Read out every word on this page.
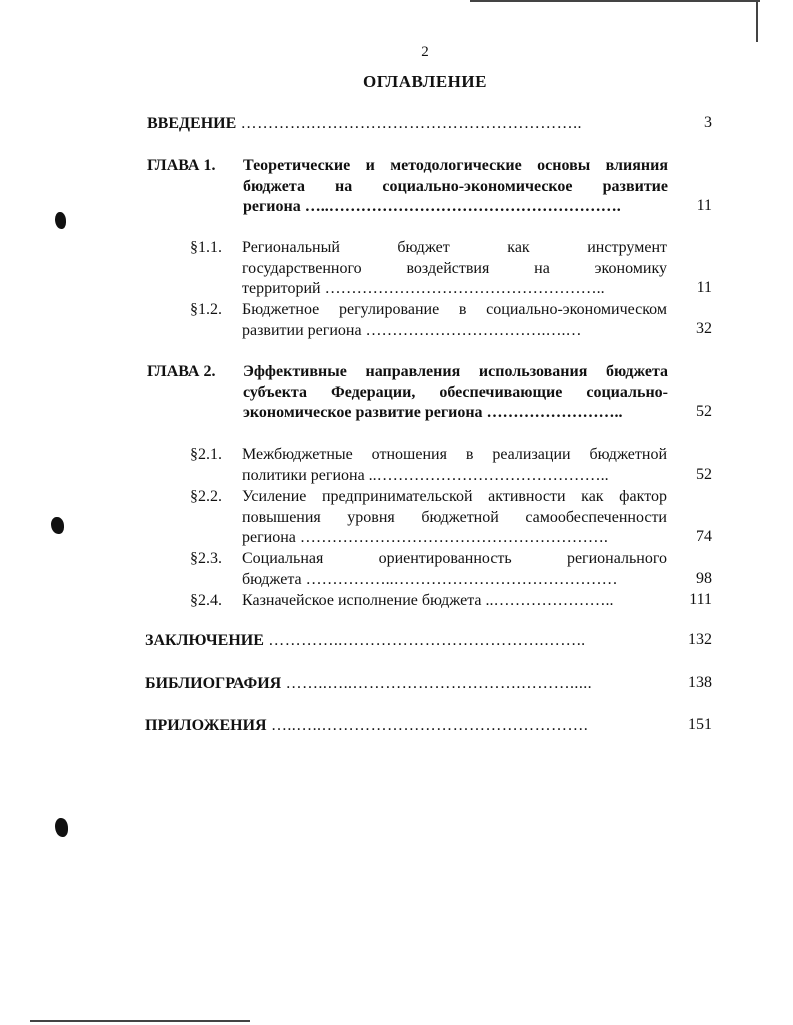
2
ОГЛАВЛЕНИЕ
ВВЕДЕНИЕ ………….…………………………………………..	3
ГЛАВА 1. Теоретические и методологические основы влияния
бюджета на социально-экономическое развитие
региона …..……………………………………………….	11
§1.1. Региональный бюджет как инструмент
государственного воздействия на экономику
территорий ……………………………………………..	11
§1.2. Бюджетное регулирование в социально-экономическом
развитии региона …………………………….….…	32
ГЛАВА 2. Эффективные направления использования бюджета
субъекта Федерации, обеспечивающие социально-
экономическое развитие региона ……………………..	52
§2.1. Межбюджетные отношения в реализации бюджетной
политики региона ..……………………………………..	52
§2.2. Усиление предпринимательской активности как фактор
повышения уровня бюджетной самообеспеченности
региона ………………………………………………….	74
§2.3. Социальная ориентированность регионального
бюджета ……………..……………………………………	98
§2.4. Казначейское исполнение бюджета ..…………………..	111
ЗАКЛЮЧЕНИЕ …………..……………………………….……..	132
БИБЛИОГРАФИЯ ……..…..………………………….……….....	138
ПРИЛОЖЕНИЯ …..…..………………………………………….	151
